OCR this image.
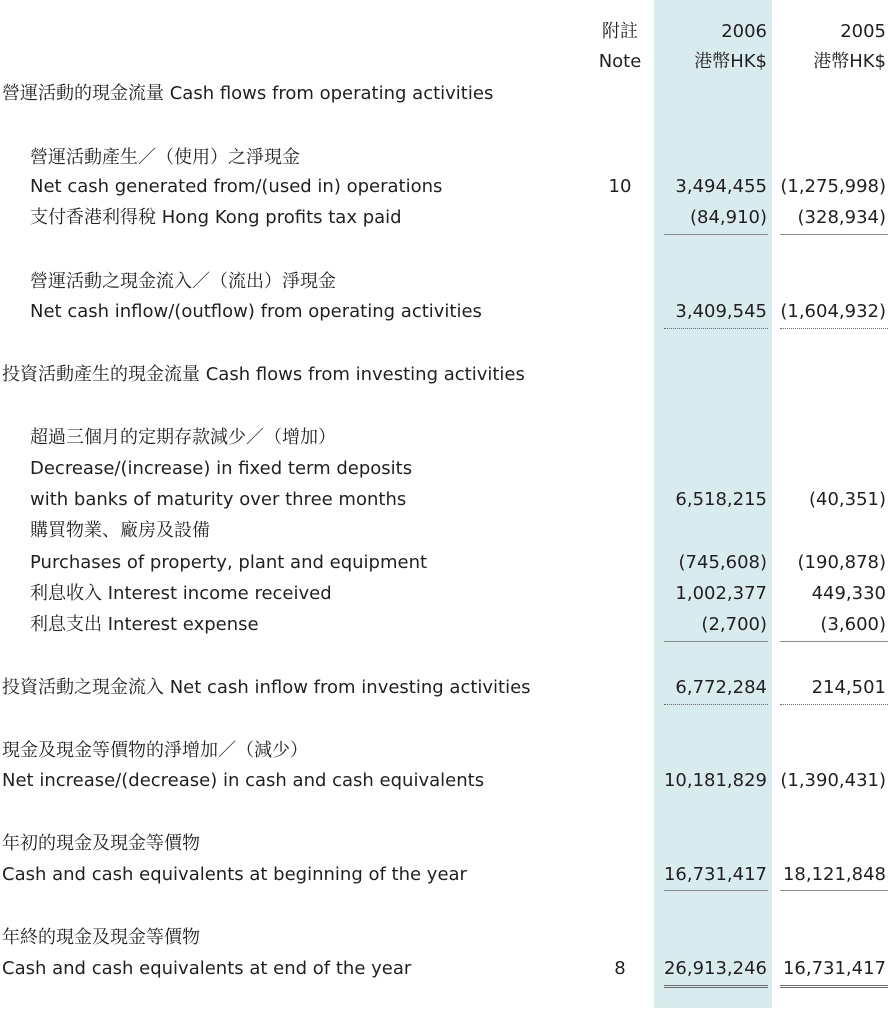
附註
Note
2006	2005
港幣HK$	港幣HK$
營運活動的現金流量 Cash flows from operating activities
營運活動產生／（使用）之淨現金
Net cash generated from/(used in) operations	10	3,494,455 (1,275,998)
支付香港利得稅 Hong Kong profits tax paid	(84,910) (328,934)
營運活動之現金流入／（流出）淨現金
Net cash inflow/(outflow) from operating activities	3,409,545 (1,604,932)
投資活動產生的現金流量 Cash flows from investing activities
超過三個月的定期存款減少／（增加）
Decrease/(increase) in fixed term deposits
with banks of maturity over three months	6,518,215 (40,351)
購買物業、廠房及設備
Purchases of property, plant and equipment	(745,608) (190,878)
利息收入 Interest income received	1,002,377 449,330
利息支出 Interest expense	(2,700)	(3,600)
投資活動之現金流入 Net cash inflow from investing activities	6,772,284 214,501
現金及現金等價物的淨增加／（減少）
Net increase/(decrease) in cash and cash equivalents	10,181,829 (1,390,431)
年初的現金及現金等價物
Cash and cash equivalents at beginning of the year	16,731,417 18,121,848
年終的現金及現金等價物
Cash and cash equivalents at end of the year	8	26,913,246 16,731,417
